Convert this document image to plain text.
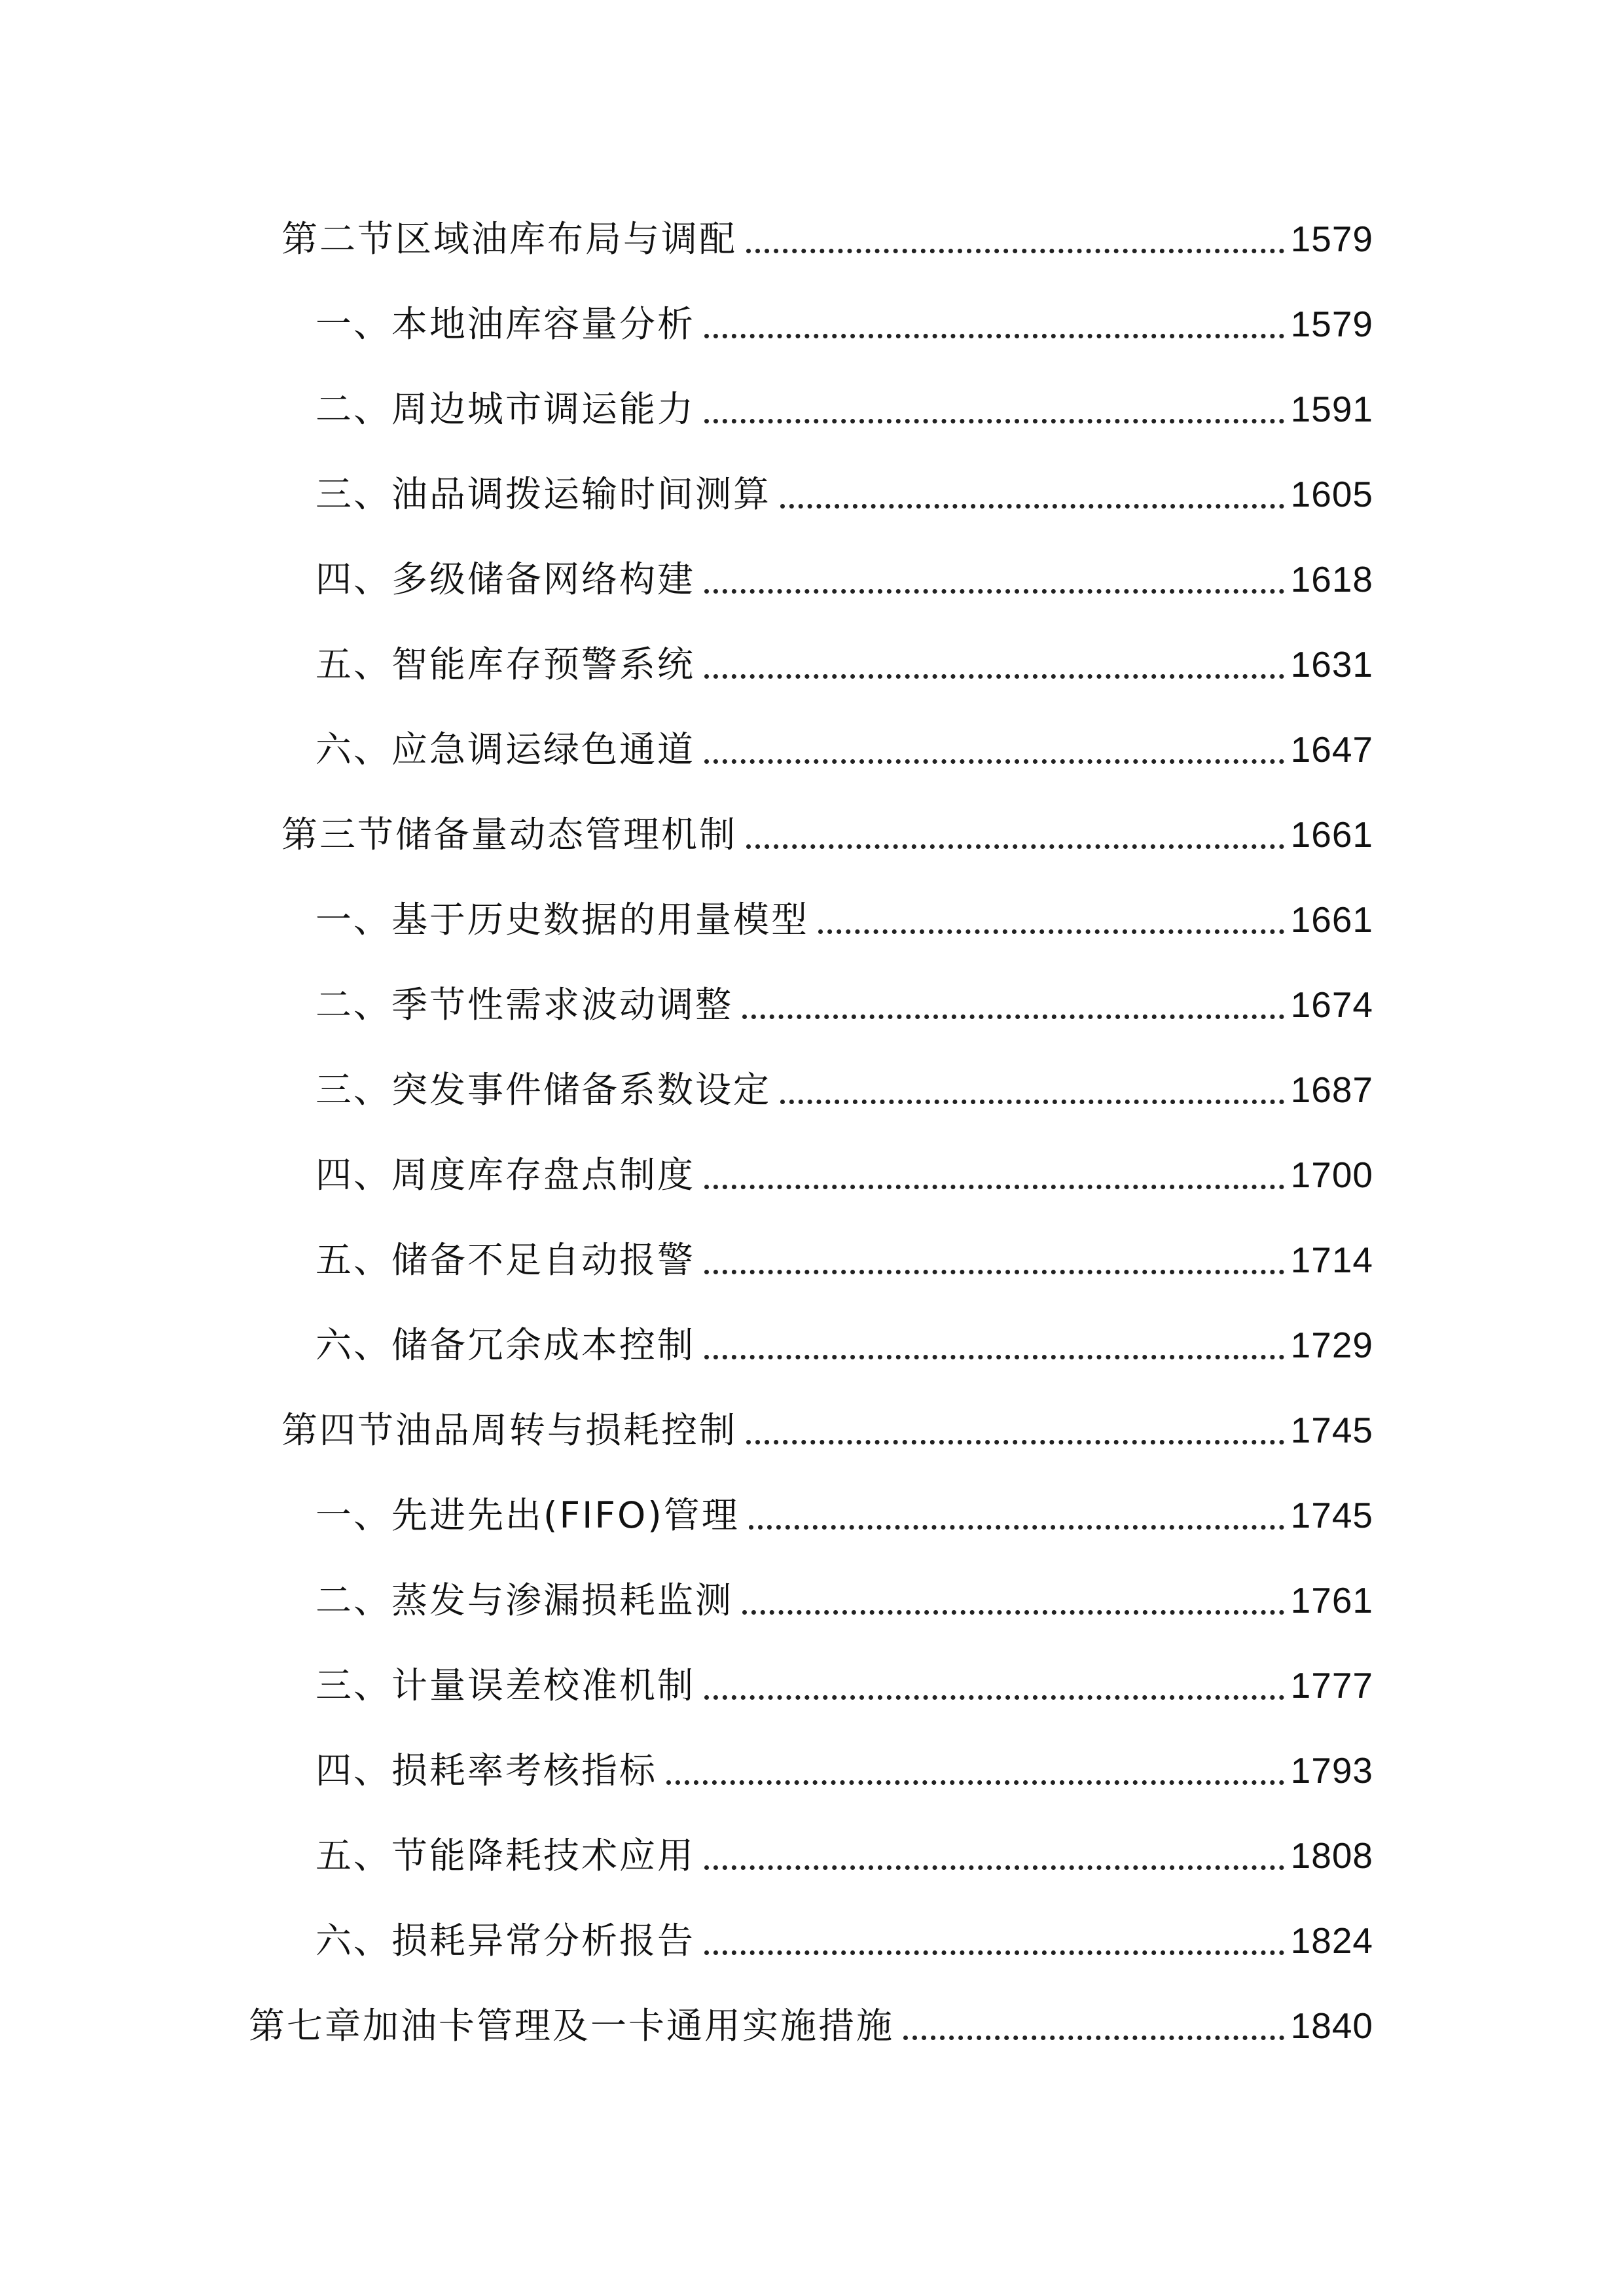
第二节区域油库布局与调配	1579
一、本地油库容量分析	1579
二、周边城市调运能力	1591
三、油品调拨运输时间测算	1605
四、多级储备网络构建	1618
五、智能库存预警系统	1631
六、应急调运绿色通道	1647
第三节储备量动态管理机制	1661
一、基于历史数据的用量模型	1661
二、季节性需求波动调整	1674
三、突发事件储备系数设定	1687
四、周度库存盘点制度	1700
五、储备不足自动报警	1714
六、储备冗余成本控制	1729
第四节油品周转与损耗控制	1745
一、先进先出(FIFO)管理	1745
二、蒸发与渗漏损耗监测	1761
三、计量误差校准机制	1777
四、损耗率考核指标	1793
五、节能降耗技术应用	1808
六、损耗异常分析报告	1824
第七章加油卡管理及一卡通用实施措施	1840
